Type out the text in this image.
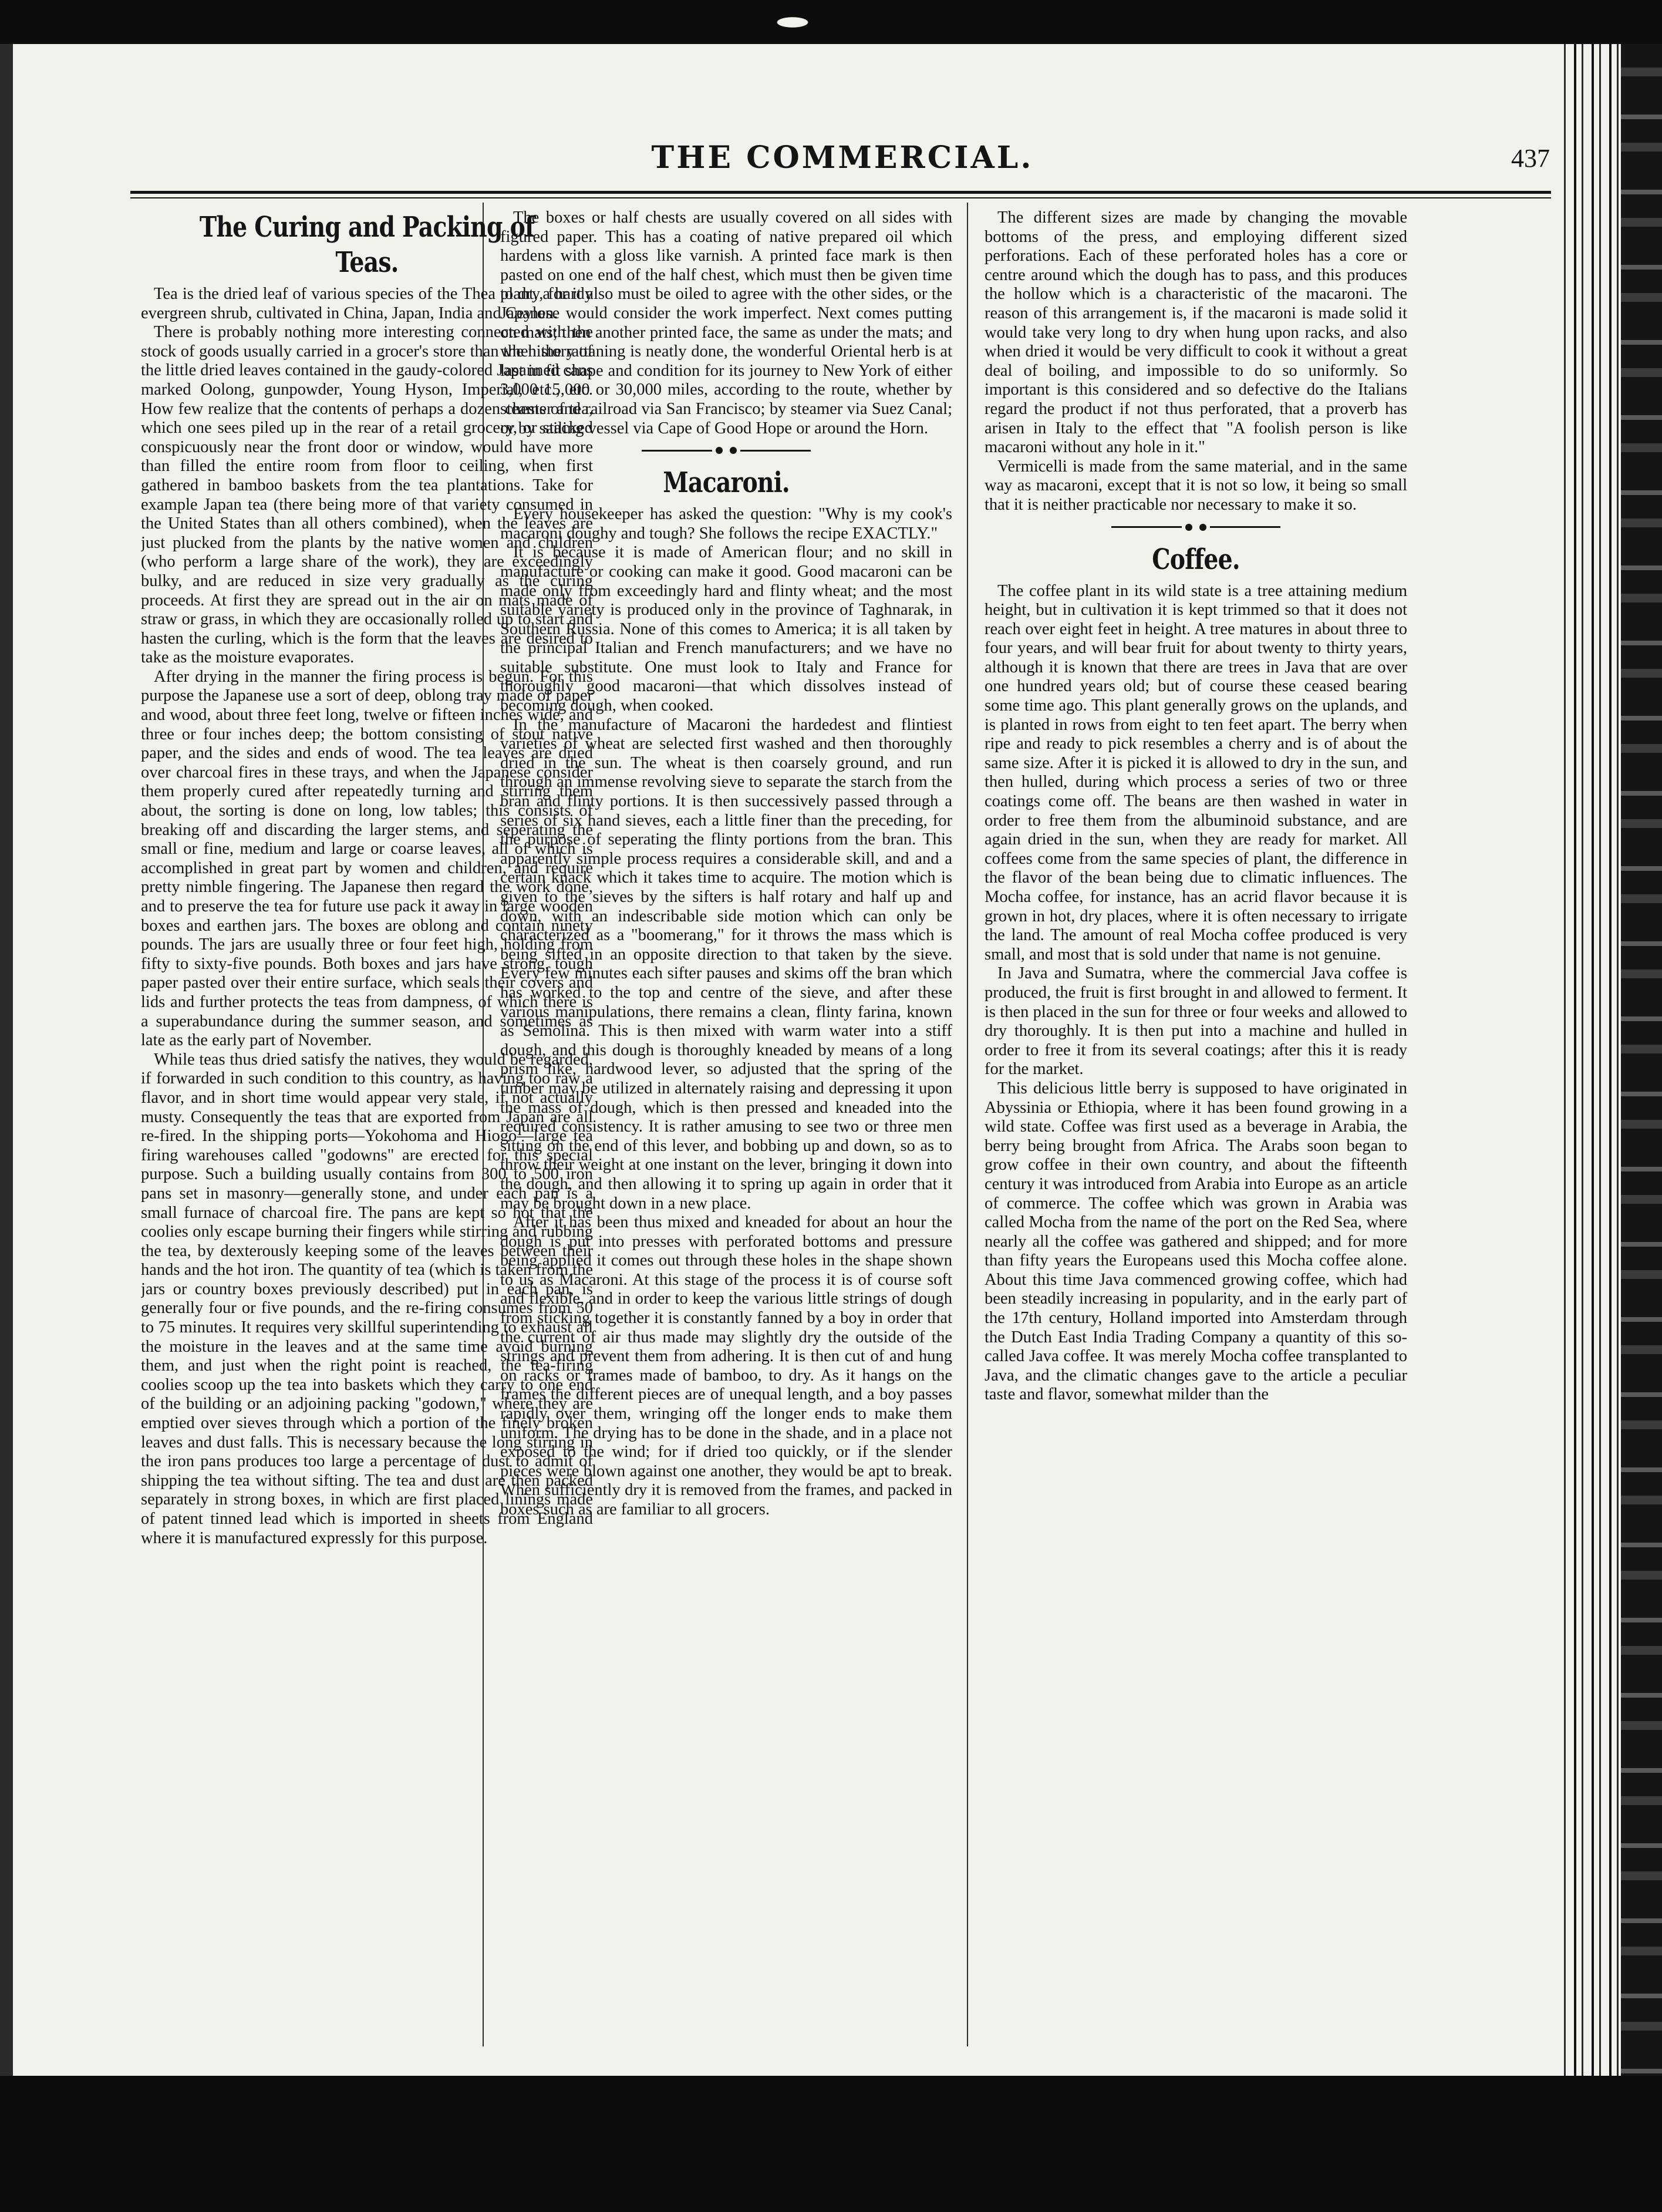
THE COMMERCIAL.	437
The Curing and Packing of Teas.

Tea is the dried leaf of various species of the Thea plant, a hardy evergreen shrub, cultivated in China, Japan, India and Ceylon.

There is probably nothing more interesting connected with the stock of goods usually carried in a grocer's store than the history of the little dried leaves contained in the gaudy-colored Japanned cans marked Oolong, gunpowder, Young Hyson, Imperial, etc., etc. How few realize that the contents of perhaps a dozen chests of tea, which one sees piled up in the rear of a retail grocery, or stacked conspicuously near the front door or window, would have more than filled the entire room from floor to ceiling, when first gathered in bamboo baskets from the tea plantations. Take for example Japan tea (there being more of that variety consumed in the United States than all others combined), when the leaves are just plucked from the plants by the native women and children (who perform a large share of the work), they are exceedingly bulky, and are reduced in size very gradually as the curing proceeds. At first they are spread out in the air on mats made of straw or grass, in which they are occasionally rolled up to start and hasten the curling, which is the form that the leaves are desired to take as the moisture evaporates.

After drying in the manner the firing process is begun. For this purpose the Japanese use a sort of deep, oblong tray made of paper and wood, about three feet long, twelve or fifteen inches wide, and three or four inches deep; the bottom consisting of stout native paper, and the sides and ends of wood. The tea leaves are dried over charcoal fires in these trays, and when the Japanese consider them properly cured after repeatedly turning and stirring them about, the sorting is done on long, low tables; this consists of breaking off and discarding the larger stems, and seperating the small or fine, medium and large or coarse leaves, all of which is accomplished in great part by women and children, and require pretty nimble fingering. The Japanese then regard the work done, and to preserve the tea for future use pack it away in large wooden boxes and earthen jars. The boxes are oblong and contain ninety pounds. The jars are usually three or four feet high, holding from fifty to sixty-five pounds. Both boxes and jars have strong, tough paper pasted over their entire surface, which seals their covers and lids and further protects the teas from dampness, of which there is a superabundance during the summer season, and sometimes as late as the early part of November.

While teas thus dried satisfy the natives, they would be regarded, if forwarded in such condition to this country, as having too raw a flavor, and in short time would appear very stale, if not actually musty. Consequently the teas that are exported from Japan are all re-fired. In the shipping ports—Yokohoma and Hiogo—large tea firing warehouses called "godowns" are erected for this special purpose. Such a building usually contains from 300 to 500 iron pans set in masonry—generally stone, and under each pan is a small furnace of charcoal fire. The pans are kept so hot that the coolies only escape burning their fingers while stirring and rubbing the tea, by dexterously keeping some of the leaves between their hands and the hot iron. The quantity of tea (which is taken from the jars or country boxes previously described) put in each pan, is generally four or five pounds, and the re-firing consumes from 50 to 75 minutes. It requires very skillful superintending to exhaust all the moisture in the leaves and at the same time avoid burning them, and just when the right point is reached, the tea-firing coolies scoop up the tea into baskets which they carry to one end of the building or an adjoining packing "godown," where they are emptied over sieves through which a portion of the finely broken leaves and dust falls. This is necessary because the long stirring in the iron pans produces too large a percentage of dust to admit of shipping the tea without sifting. The tea and dust are then packed separately in strong boxes, in which are first placed linings made of patent tinned lead which is imported in sheets from England where it is manufactured expressly for this purpose.

The boxes or half chests are usually covered on all sides with figured paper. This has a coating of native prepared oil which hardens with a gloss like varnish. A printed face mark is then pasted on one end of the half chest, which must then be given time to dry, for it also must be oiled to agree with the other sides, or the Japanese would consider the work imperfect. Next comes putting on mats; then another printed face, the same as under the mats; and when the rattaning is neatly done, the wonderful Oriental herb is at last in fit shape and condition for its journey to New York of either 3,000 15,000 or 30,000 miles, according to the route, whether by steamer and railroad via San Francisco; by steamer via Suez Canal; or by sailing vessel via Cape of Good Hope or around the Horn.

Macaroni.

Every housekeeper has asked the question: "Why is my cook's macaroni doughy and tough? She follows the recipe EXACTLY."

It is because it is made of American flour; and no skill in manufacture or cooking can make it good. Good macaroni can be made only from exceedingly hard and flinty wheat; and the most suitable variety is produced only in the province of Taghnarak, in Southern Russia. None of this comes to America; it is all taken by the principal Italian and French manufacturers; and we have no suitable substitute. One must look to Italy and France for thoroughly good macaroni—that which dissolves instead of becoming dough, when cooked.

In the manufacture of Macaroni the hardedest and flintiest varieties of wheat are selected first washed and then thoroughly dried in the sun. The wheat is then coarsely ground, and run through an immense revolving sieve to separate the starch from the bran and flinty portions. It is then successively passed through a series of six hand sieves, each a little finer than the preceding, for the purpose of seperating the flinty portions from the bran. This apparently simple process requires a considerable skill, and and a certain knack which it takes time to acquire. The motion which is given to the sieves by the sifters is half rotary and half up and down, with an indescribable side motion which can only be characterized as a "boomerang," for it throws the mass which is being sifted in an opposite direction to that taken by the sieve. Every few minutes each sifter pauses and skims off the bran which has worked to the top and centre of the sieve, and after these various manipulations, there remains a clean, flinty farina, known as Semolina. This is then mixed with warm water into a stiff dough, and this dough is thoroughly kneaded by means of a long prism like, hardwood lever, so adjusted that the spring of the timber may be utilized in alternately raising and depressing it upon the mass of dough, which is then pressed and kneaded into the required consistency. It is rather amusing to see two or three men sitting on the end of this lever, and bobbing up and down, so as to throw their weight at one instant on the lever, bringing it down into the dough, and then allowing it to spring up again in order that it may be brought down in a new place.

After it has been thus mixed and kneaded for about an hour the dough is put into presses with perforated bottoms and pressure being applied it comes out through these holes in the shape shown to us as Macaroni. At this stage of the process it is of course soft and flexible, and in order to keep the various little strings of dough from sticking together it is constantly fanned by a boy in order that the current of air thus made may slightly dry the outside of the strings and prevent them from adhering. It is then cut of and hung on racks or frames made of bamboo, to dry. As it hangs on the frames the different pieces are of unequal length, and a boy passes rapidly over them, wringing off the longer ends to make them uniform. The drying has to be done in the shade, and in a place not exposed to the wind; for if dried too quickly, or if the slender pieces were blown against one another, they would be apt to break. When sufficiently dry it is removed from the frames, and packed in boxes such as are familiar to all grocers.

The different sizes are made by changing the movable bottoms of the press, and employing different sized perforations. Each of these perforated holes has a core or centre around which the dough has to pass, and this produces the hollow which is a characteristic of the macaroni. The reason of this arrangement is, if the macaroni is made solid it would take very long to dry when hung upon racks, and also when dried it would be very difficult to cook it without a great deal of boiling, and impossible to do so uniformly. So important is this considered and so defective do the Italians regard the product if not thus perforated, that a proverb has arisen in Italy to the effect that "A foolish person is like macaroni without any hole in it."

Vermicelli is made from the same material, and in the same way as macaroni, except that it is not so low, it being so small that it is neither practicable nor necessary to make it so.

Coffee.

The coffee plant in its wild state is a tree attaining medium height, but in cultivation it is kept trimmed so that it does not reach over eight feet in height. A tree matures in about three to four years, and will bear fruit for about twenty to thirty years, although it is known that there are trees in Java that are over one hundred years old; but of course these ceased bearing some time ago. This plant generally grows on the uplands, and is planted in rows from eight to ten feet apart. The berry when ripe and ready to pick resembles a cherry and is of about the same size. After it is picked it is allowed to dry in the sun, and then hulled, during which process a series of two or three coatings come off. The beans are then washed in water in order to free them from the albuminoid substance, and are again dried in the sun, when they are ready for market. All coffees come from the same species of plant, the difference in the flavor of the bean being due to climatic influences. The Mocha coffee, for instance, has an acrid flavor because it is grown in hot, dry places, where it is often necessary to irrigate the land. The amount of real Mocha coffee produced is very small, and most that is sold under that name is not genuine.

In Java and Sumatra, where the commercial Java coffee is produced, the fruit is first brought in and allowed to ferment. It is then placed in the sun for three or four weeks and allowed to dry thoroughly. It is then put into a machine and hulled in order to free it from its several coatings; after this it is ready for the market.

This delicious little berry is supposed to have originated in Abyssinia or Ethiopia, where it has been found growing in a wild state. Coffee was first used as a beverage in Arabia, the berry being brought from Africa. The Arabs soon began to grow coffee in their own country, and about the fifteenth century it was introduced from Arabia into Europe as an article of commerce. The coffee which was grown in Arabia was called Mocha from the name of the port on the Red Sea, where nearly all the coffee was gathered and shipped; and for more than fifty years the Europeans used this Mocha coffee alone. About this time Java commenced growing coffee, which had been steadily increasing in popularity, and in the early part of the 17th century, Holland imported into Amsterdam through the Dutch East India Trading Company a quantity of this so-called Java coffee. It was merely Mocha coffee transplanted to Java, and the climatic changes gave to the article a peculiar taste and flavor, somewhat milder than the
